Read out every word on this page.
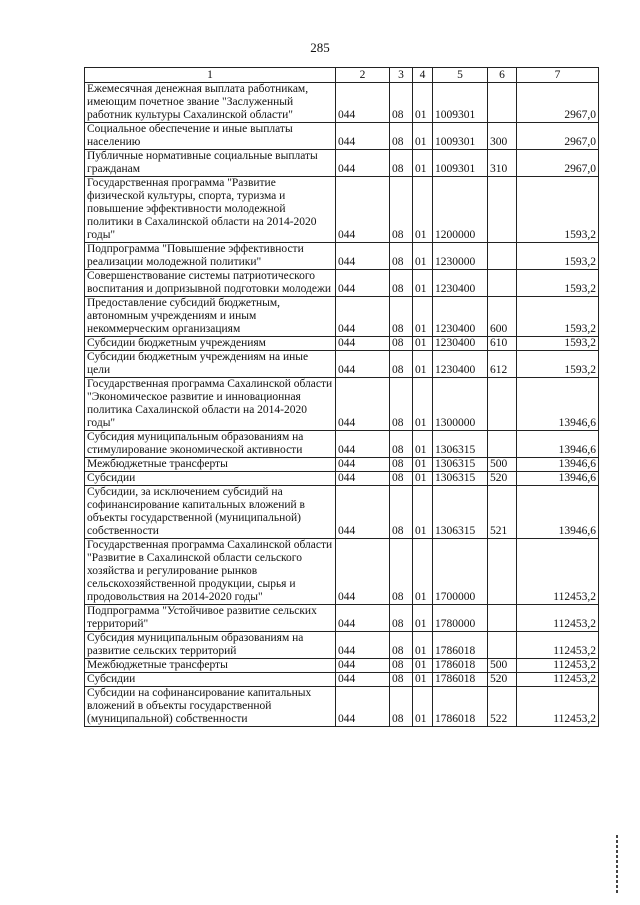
285
1	2	3	4	5	6	7
Ежемесячная денежная выплата работникам, имеющим почетное звание "Заслуженный работник культуры Сахалинской области"	044	08	01	1009301		2967,0
Социальное обеспечение и иные выплаты населению	044	08	01	1009301	300	2967,0
Публичные нормативные социальные выплаты гражданам	044	08	01	1009301	310	2967,0
Государственная программа "Развитие физической культуры, спорта, туризма и повышение эффективности молодежной политики в Сахалинской области на 2014-2020 годы"	044	08	01	1200000		1593,2
Подпрограмма "Повышение эффективности реализации молодежной политики"	044	08	01	1230000		1593,2
Совершенствование системы патриотического воспитания и допризывной подготовки молодежи	044	08	01	1230400		1593,2
Предоставление субсидий бюджетным, автономным учреждениям и иным некоммерческим организациям	044	08	01	1230400	600	1593,2
Субсидии бюджетным учреждениям	044	08	01	1230400	610	1593,2
Субсидии бюджетным учреждениям на иные цели	044	08	01	1230400	612	1593,2
Государственная программа Сахалинской области "Экономическое развитие и инновационная политика Сахалинской области на 2014-2020 годы"	044	08	01	1300000		13946,6
Субсидия муниципальным образованиям на стимулирование экономической активности	044	08	01	1306315		13946,6
Межбюджетные трансферты	044	08	01	1306315	500	13946,6
Субсидии	044	08	01	1306315	520	13946,6
Субсидии, за исключением субсидий на софинансирование капитальных вложений в объекты государственной (муниципальной) собственности	044	08	01	1306315	521	13946,6
Государственная программа Сахалинской области "Развитие в Сахалинской области сельского хозяйства и регулирование рынков сельскохозяйственной продукции, сырья и продовольствия на 2014-2020 годы"	044	08	01	1700000		112453,2
Подпрограмма "Устойчивое развитие сельских территорий"	044	08	01	1780000		112453,2
Субсидия муниципальным образованиям на развитие сельских территорий	044	08	01	1786018		112453,2
Межбюджетные трансферты	044	08	01	1786018	500	112453,2
Субсидии	044	08	01	1786018	520	112453,2
Субсидии на софинансирование капитальных вложений в объекты государственной (муниципальной) собственности	044	08	01	1786018	522	112453,2
